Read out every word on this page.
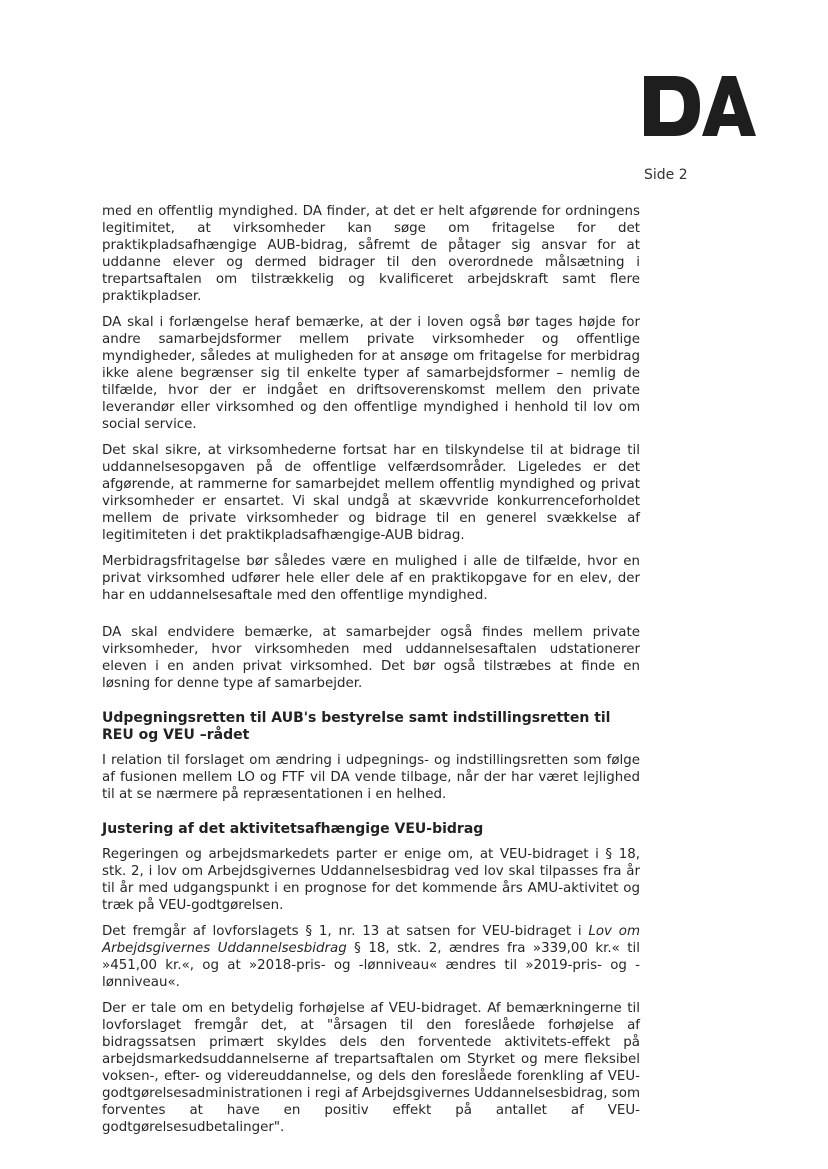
Side 2

med en offentlig myndighed. DA finder, at det er helt afgørende for ordningens legitimitet, at virksomheder kan søge om fritagelse for det praktikpladsafhængige AUB-bidrag, såfremt de påtager sig ansvar for at uddanne elever og dermed bidrager til den overordnede målsætning i trepartsaftalen om tilstrækkelig og kvalificeret arbejdskraft samt flere praktikpladser.

DA skal i forlængelse heraf bemærke, at der i loven også bør tages højde for andre samarbejdsformer mellem private virksomheder og offentlige myndigheder, således at muligheden for at ansøge om fritagelse for merbidrag ikke alene begrænser sig til enkelte typer af samarbejdsformer – nemlig de tilfælde, hvor der er indgået en driftsoverenskomst mellem den private leverandør eller virksomhed og den offentlige myndighed i henhold til lov om social service.

Det skal sikre, at virksomhederne fortsat har en tilskyndelse til at bidrage til uddannelsesopgaven på de offentlige velfærdsområder. Ligeledes er det afgørende, at rammerne for samarbejdet mellem offentlig myndighed og privat virksomheder er ensartet. Vi skal undgå at skævvride konkurrenceforholdet mellem de private virksomheder og bidrage til en generel svækkelse af legitimiteten i det praktikpladsafhængige-AUB bidrag.

Merbidragsfritagelse bør således være en mulighed i alle de tilfælde, hvor en privat virksomhed udfører hele eller dele af en praktikopgave for en elev, der har en uddannelsesaftale med den offentlige myndighed.

DA skal endvidere bemærke, at samarbejder også findes mellem private virksomheder, hvor virksomheden med uddannelsesaftalen udstationerer eleven i en anden privat virksomhed. Det bør også tilstræbes at finde en løsning for denne type af samarbejder.

Udpegningsretten til AUB's bestyrelse samt indstillingsretten til REU og VEU –rådet

I relation til forslaget om ændring i udpegnings- og indstillingsretten som følge af fusionen mellem LO og FTF vil DA vende tilbage, når der har været lejlighed til at se nærmere på repræsentationen i en helhed.

Justering af det aktivitetsafhængige VEU-bidrag

Regeringen og arbejdsmarkedets parter er enige om, at VEU-bidraget i § 18, stk. 2, i lov om Arbejdsgivernes Uddannelsesbidrag ved lov skal tilpasses fra år til år med udgangspunkt i en prognose for det kommende års AMU-aktivitet og træk på VEU-godtgørelsen.

Det fremgår af lovforslagets § 1, nr. 13 at satsen for VEU-bidraget i Lov om Arbejdsgivernes Uddannelsesbidrag § 18, stk. 2, ændres fra »339,00 kr.« til »451,00 kr.«, og at »2018-pris- og -lønniveau« ændres til »2019-pris- og -lønniveau«.

Der er tale om en betydelig forhøjelse af VEU-bidraget. Af bemærkningerne til lovforslaget fremgår det, at "årsagen til den foreslåede forhøjelse af bidragssatsen primært skyldes dels den forventede aktivitets-effekt på arbejdsmarkedsuddannelserne af trepartsaftalen om Styrket og mere fleksibel voksen-, efter- og videreuddannelse, og dels den foreslåede forenkling af VEU-godtgørelsesadministrationen i regi af Arbejdsgivernes Uddannelsesbidrag, som forventes at have en positiv effekt på antallet af VEU-godtgørelsesudbetalinger".
